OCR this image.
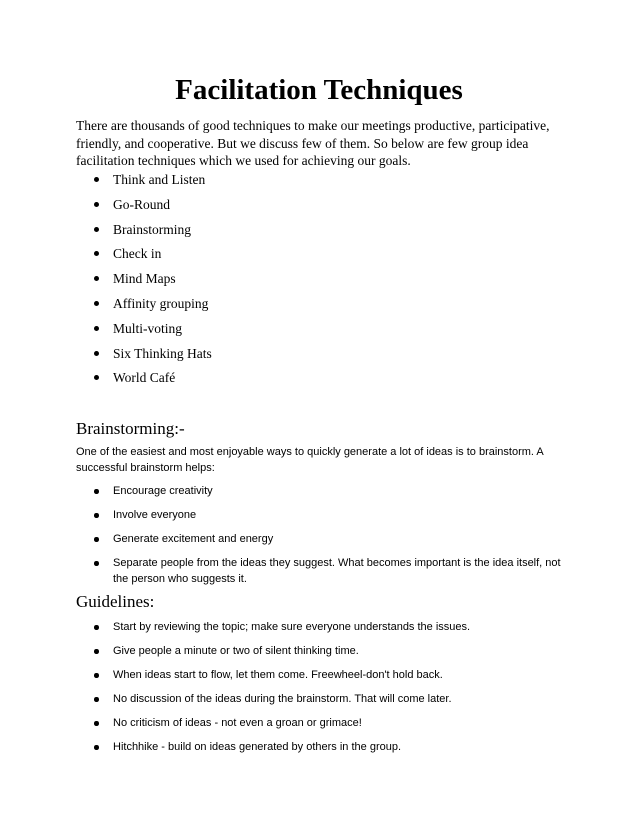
Facilitation Techniques

There are thousands of good techniques to make our meetings productive, participative, friendly, and cooperative. But we discuss few of them. So below are few group idea facilitation techniques which we used for achieving our goals.

Think and Listen
Go-Round
Brainstorming
Check in
Mind Maps
Affinity grouping
Multi-voting
Six Thinking Hats
World Café
Brainstorming:-

One of the easiest and most enjoyable ways to quickly generate a lot of ideas is to brainstorm. A successful brainstorm helps:

Encourage creativity
Involve everyone
Generate excitement and energy
Separate people from the ideas they suggest. What becomes important is the idea itself, not the person who suggests it.
Guidelines:
Start by reviewing the topic; make sure everyone understands the issues.
Give people a minute or two of silent thinking time.
When ideas start to flow, let them come. Freewheel-don't hold back.
No discussion of the ideas during the brainstorm. That will come later.
No criticism of ideas - not even a groan or grimace!
Hitchhike - build on ideas generated by others in the group.
